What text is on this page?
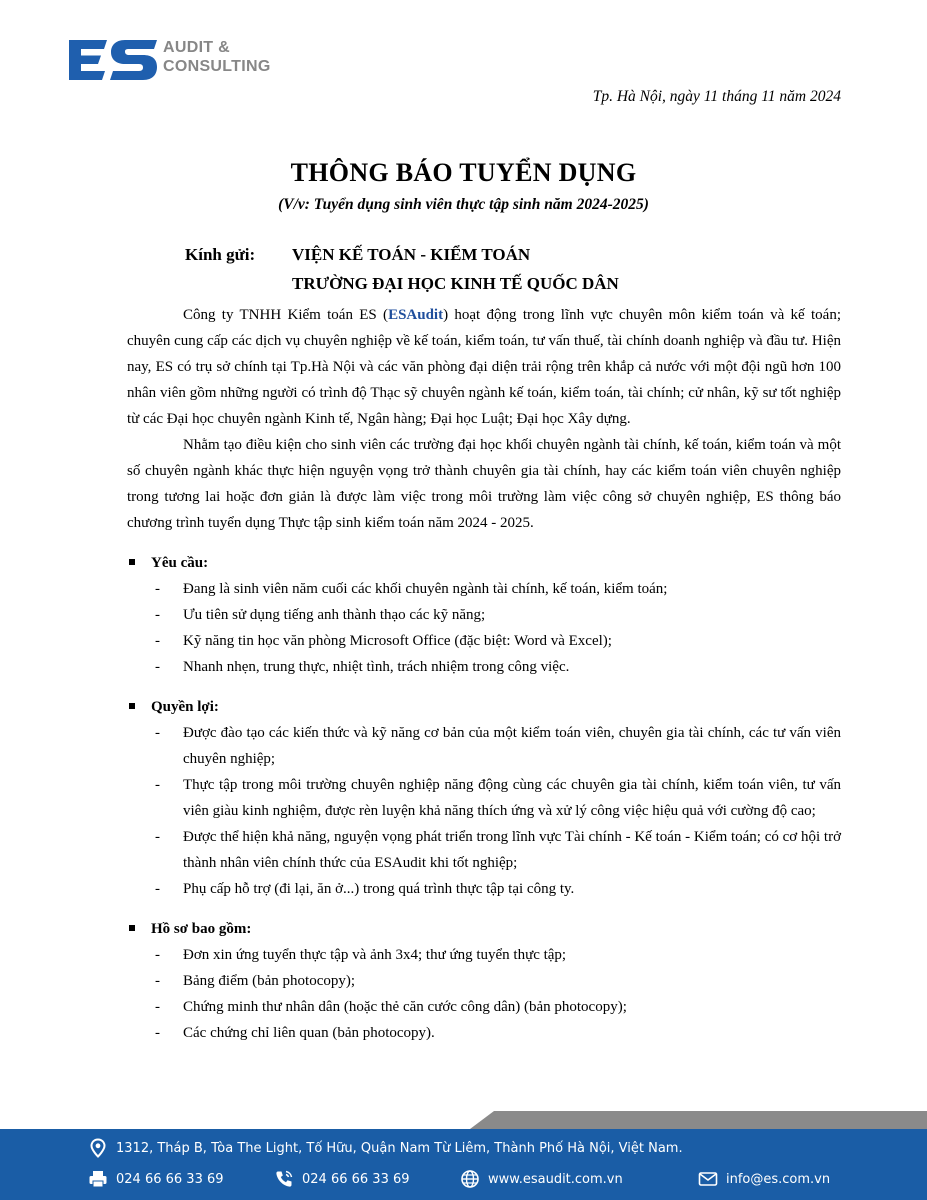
AUDIT &
CONSULTING
Tp. Hà Nội, ngày 11 tháng 11 năm 2024
THÔNG BÁO TUYỂN DỤNG
(V/v: Tuyển dụng sinh viên thực tập sinh năm 2024-2025)
Kính gửi: VIỆN KẾ TOÁN - KIỂM TOÁN
TRƯỜNG ĐẠI HỌC KINH TẾ QUỐC DÂN

Công ty TNHH Kiểm toán ES (ESAudit) hoạt động trong lĩnh vực chuyên môn kiểm toán và kế toán; chuyên cung cấp các dịch vụ chuyên nghiệp về kế toán, kiểm toán, tư vấn thuế, tài chính doanh nghiệp và đầu tư. Hiện nay, ES có trụ sở chính tại Tp.Hà Nội và các văn phòng đại diện trải rộng trên khắp cả nước với một đội ngũ hơn 100 nhân viên gồm những người có trình độ Thạc sỹ chuyên ngành kế toán, kiểm toán, tài chính; cử nhân, kỹ sư tốt nghiệp từ các Đại học chuyên ngành Kinh tế, Ngân hàng; Đại học Luật; Đại học Xây dựng.

Nhằm tạo điều kiện cho sinh viên các trường đại học khối chuyên ngành tài chính, kế toán, kiểm toán và một số chuyên ngành khác thực hiện nguyện vọng trở thành chuyên gia tài chính, hay các kiểm toán viên chuyên nghiệp trong tương lai hoặc đơn giản là được làm việc trong môi trường làm việc công sở chuyên nghiệp, ES thông báo chương trình tuyển dụng Thực tập sinh kiểm toán năm 2024 - 2025.

Yêu cầu:
- Đang là sinh viên năm cuối các khối chuyên ngành tài chính, kế toán, kiểm toán;
- Ưu tiên sử dụng tiếng anh thành thạo các kỹ năng;
- Kỹ năng tin học văn phòng Microsoft Office (đặc biệt: Word và Excel);
- Nhanh nhẹn, trung thực, nhiệt tình, trách nhiệm trong công việc.
Quyền lợi:
- Được đào tạo các kiến thức và kỹ năng cơ bản của một kiểm toán viên, chuyên gia tài chính, các tư vấn viên chuyên nghiệp;
- Thực tập trong môi trường chuyên nghiệp năng động cùng các chuyên gia tài chính, kiểm toán viên, tư vấn viên giàu kinh nghiệm, được rèn luyện khả năng thích ứng và xử lý công việc hiệu quả với cường độ cao;
- Được thể hiện khả năng, nguyện vọng phát triển trong lĩnh vực Tài chính - Kế toán - Kiểm toán; có cơ hội trở thành nhân viên chính thức của ESAudit khi tốt nghiệp;
- Phụ cấp hỗ trợ (đi lại, ăn ở...) trong quá trình thực tập tại công ty.
Hồ sơ bao gồm:
- Đơn xin ứng tuyển thực tập và ảnh 3x4; thư ứng tuyển thực tập;
- Bảng điểm (bản photocopy);
- Chứng minh thư nhân dân (hoặc thẻ căn cước công dân) (bản photocopy);
- Các chứng chỉ liên quan (bản photocopy).
1312, Tháp B, Tòa The Light, Tố Hữu, Quận Nam Từ Liêm, Thành Phố Hà Nội, Việt Nam.
024 66 66 33 69	024 66 66 33 69	www.esaudit.com.vn	info@es.com.vn
